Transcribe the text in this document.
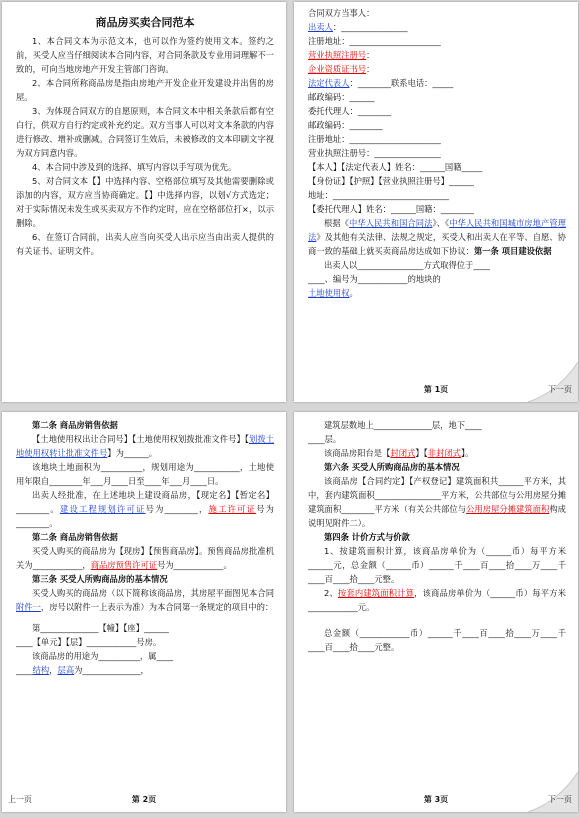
商品房买卖合同范本
1、本合同文本为示范文本，也可以作为签约使用文本。签约之前，买受人应当仔细阅读本合同内容，对合同条款及专业用词理解不一致的，可向当地房地产开发主管部门咨询。
2、本合同所称商品房是指由房地产开发企业开发建设并出售的房屋。
3、为体现合同双方的自愿原则，本合同文本中相关条款后都有空白行，供双方自行约定或补充约定。双方当事人可以对文本条款的内容进行修改、增补或删减。合同签订生效后，未被修改的文本印刷文字视为双方同意内容。
4、本合同中涉及到的选择、填写内容以手写项为优先。
5、对合同文本【】中选择内容、空格部位填写及其他需要删除或添加的内容，双方应当协商确定。【】中选择内容，以划√方式选定；对于实际情况未发生或买卖双方不作约定时，应在空格部位打×，以示删除。
6、在签订合同前，出卖人应当向买受人出示应当由出卖人提供的有关证书、证明文件。
合同双方当事人：
出卖人：________________
注册地址：______________________
营业执照注册号：
企业资质证书号：
法定代表人：________联系电话：_____
邮政编码：______
委托代理人：________
邮政编码：________
注册地址：______________________
营业执照注册号：________________
【本人】【法定代表人】姓名：______国籍_____
【身份证】【护照】【营业执照注册号】______
地址：____________________________
【委托代理人】姓名：______国籍：________
根据《中华人民共和国合同法》、《中华人民共和国城市房地产管理法》及其他有关法律、法规之规定，买受人和出卖人在平等、自愿、协商一致的基础上就买卖商品房达成如下协议：第一条 项目建设依据
出卖人以________________方式取得位于____
____、编号为____________的地块的
土地使用权。
第 1页	下一页
第二条 商品房销售依据
【土地使用权出让合同号】【土地使用权划拨批准文件号】【划拨土地使用权转让批准文件号】为______。
该地块土地面积为__________，规划用途为___________，土地使用年限自________年___月____日至____年___月____日。
出卖人经批准，在上述地块上建设商品房，【现定名】【暂定名】________。建设工程规划许可证号为________，施工许可证号为________。
第二条 商品房销售依据
买受人购买的商品房为【现房】【预售商品房】。预售商品房批准机关为____________，商品房预售许可证号为____________。
第三条 买受人所购商品房的基本情况
买受人购买的商品房（以下简称该商品房，其房屋平面图见本合同附件一，房号以附件一上表示为准）为本合同第一条规定的项目中的：
第______________【幢】【座】______
____【单元】【层】____________号房。
该商品房的用途为__________，属____
____结构，层高为______________，
上一页	第 2页
建筑层数地上______________层，地下____
____层。
该商品房阳台是【封闭式】【非封闭式】。
第六条 买受人所购商品房的基本情况
该商品房【合同约定】【产权登记】建筑面积共______平方米，其中，套内建筑面积________________平方米，公共部位与公用房屋分摊建筑面积________平方米（有关公共部位与公用房屋分摊建筑面积构成说明见附件二）。
第四条 计价方式与价款
1、按建筑面积计算，该商品房单价为（______币）每平方米______元，总金额（______币）______千____百____拾____万____千____百____拾____元整。
2、按套内建筑面积计算，该商品房单价为（______币）每平方米____________元。
总金额（____________币）______千____百____拾____万____千____百____拾____元整。
第 3页	下一页
